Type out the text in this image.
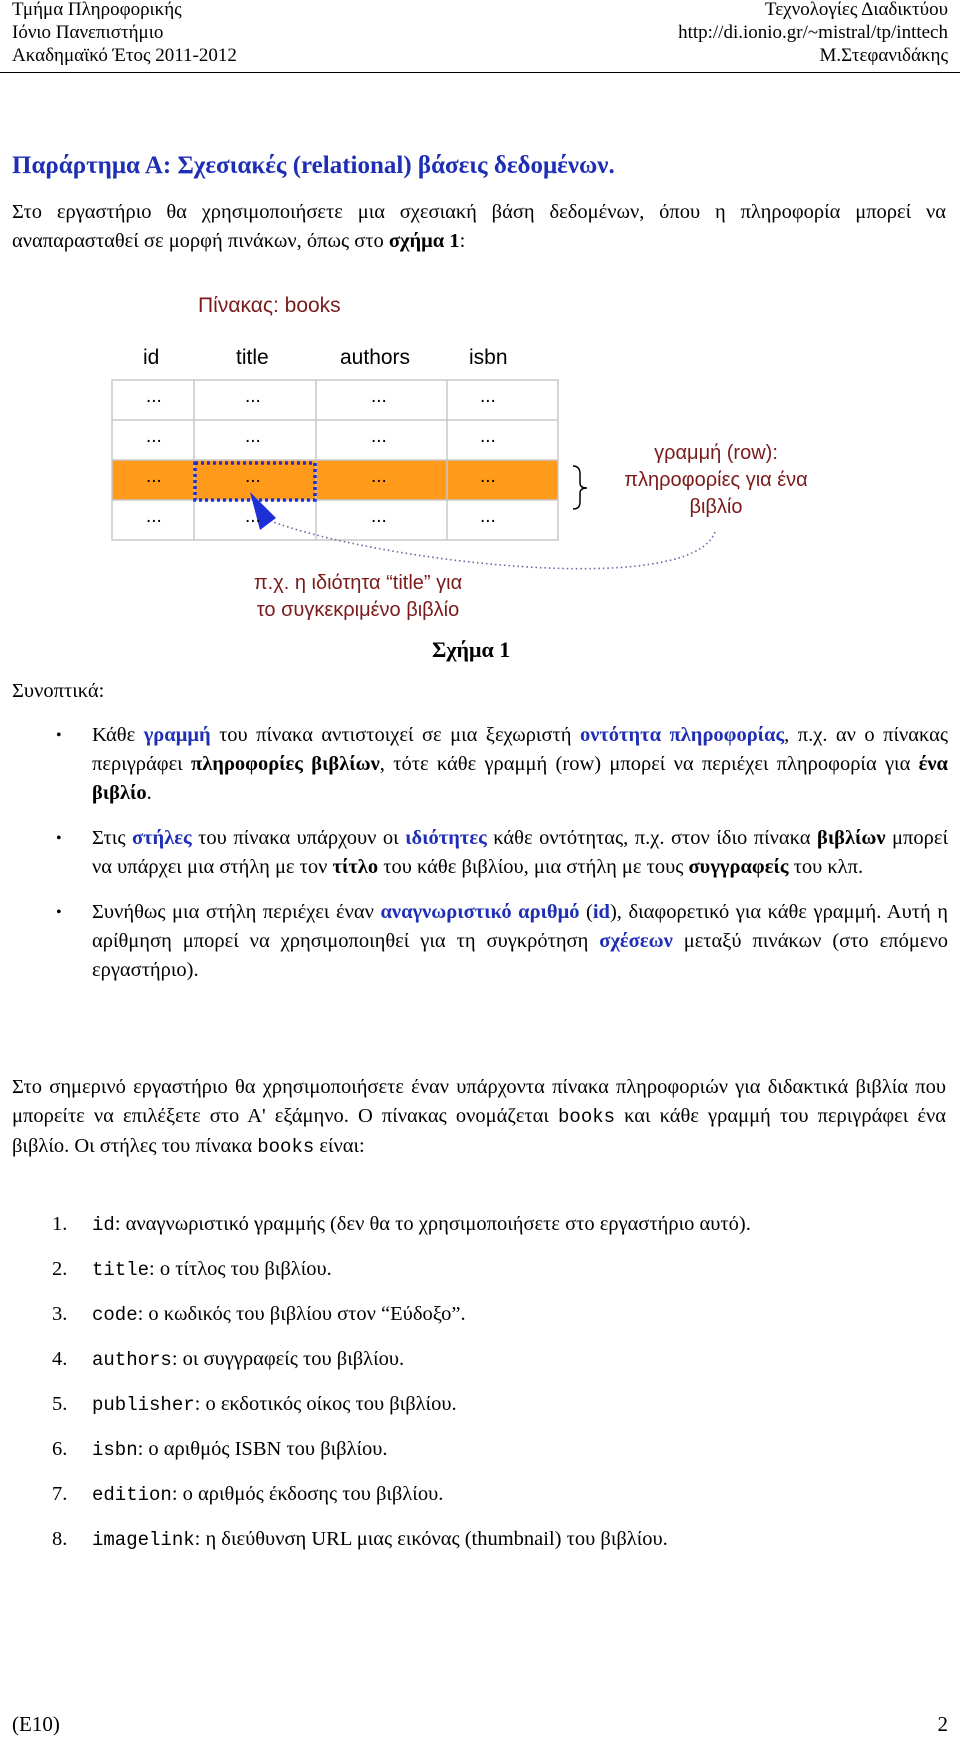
Τμήμα Πληροφορικής
Ιόνιο Πανεπιστήμιο
Ακαδημαϊκό Έτος 2011-2012
Τεχνολογίες Διαδικτύου
http://di.ionio.gr/~mistral/tp/inttech
Μ.Στεφανιδάκης
Παράρτημα Α: Σχεσιακές (relational) βάσεις δεδομένων.
Στο εργαστήριο θα χρησιμοποιήσετε μια σχεσιακή βάση δεδομένων, όπου η πληροφορία μπορεί να αναπαρασταθεί σε μορφή πινάκων, όπως στο σχήμα 1:
Πίνακας: books
id	title	authors	isbn
...	...	...	...
...	...	...	...
...	...	...	...
...	...	...	...
γραμμή (row):
πληροφορίες για ένα
βιβλίο
π.χ. η ιδιότητα “title” για
το συγκεκριμένο βιβλίο
Σχήμα 1
Συνοπτικά:
• Κάθε γραμμή του πίνακα αντιστοιχεί σε μια ξεχωριστή οντότητα πληροφορίας, π.χ. αν ο πίνακας περιγράφει πληροφορίες βιβλίων, τότε κάθε γραμμή (row) μπορεί να περιέχει πληροφορία για ένα βιβλίο.
• Στις στήλες του πίνακα υπάρχουν οι ιδιότητες κάθε οντότητας, π.χ. στον ίδιο πίνακα βιβλίων μπορεί να υπάρχει μια στήλη με τον τίτλο του κάθε βιβλίου, μια στήλη με τους συγγραφείς του κλπ.
• Συνήθως μια στήλη περιέχει έναν αναγνωριστικό αριθμό (id), διαφορετικό για κάθε γραμμή. Αυτή η αρίθμηση μπορεί να χρησιμοποιηθεί για τη συγκρότηση σχέσεων μεταξύ πινάκων (στο επόμενο εργαστήριο).
Στο σημερινό εργαστήριο θα χρησιμοποιήσετε έναν υπάρχοντα πίνακα πληροφοριών για διδακτικά βιβλία που μπορείτε να επιλέξετε στο Α' εξάμηνο. Ο πίνακας ονομάζεται books και κάθε γραμμή του περιγράφει ένα βιβλίο. Οι στήλες του πίνακα books είναι:
1. id: αναγνωριστικό γραμμής (δεν θα το χρησιμοποιήσετε στο εργαστήριο αυτό).
2. title: ο τίτλος του βιβλίου.
3. code: ο κωδικός του βιβλίου στον “Εύδοξο”.
4. authors: οι συγγραφείς του βιβλίου.
5. publisher: ο εκδοτικός οίκος του βιβλίου.
6. isbn: ο αριθμός ISBN του βιβλίου.
7. edition: ο αριθμός έκδοσης του βιβλίου.
8. imagelink: η διεύθυνση URL μιας εικόνας (thumbnail) του βιβλίου.
(E10)	2
